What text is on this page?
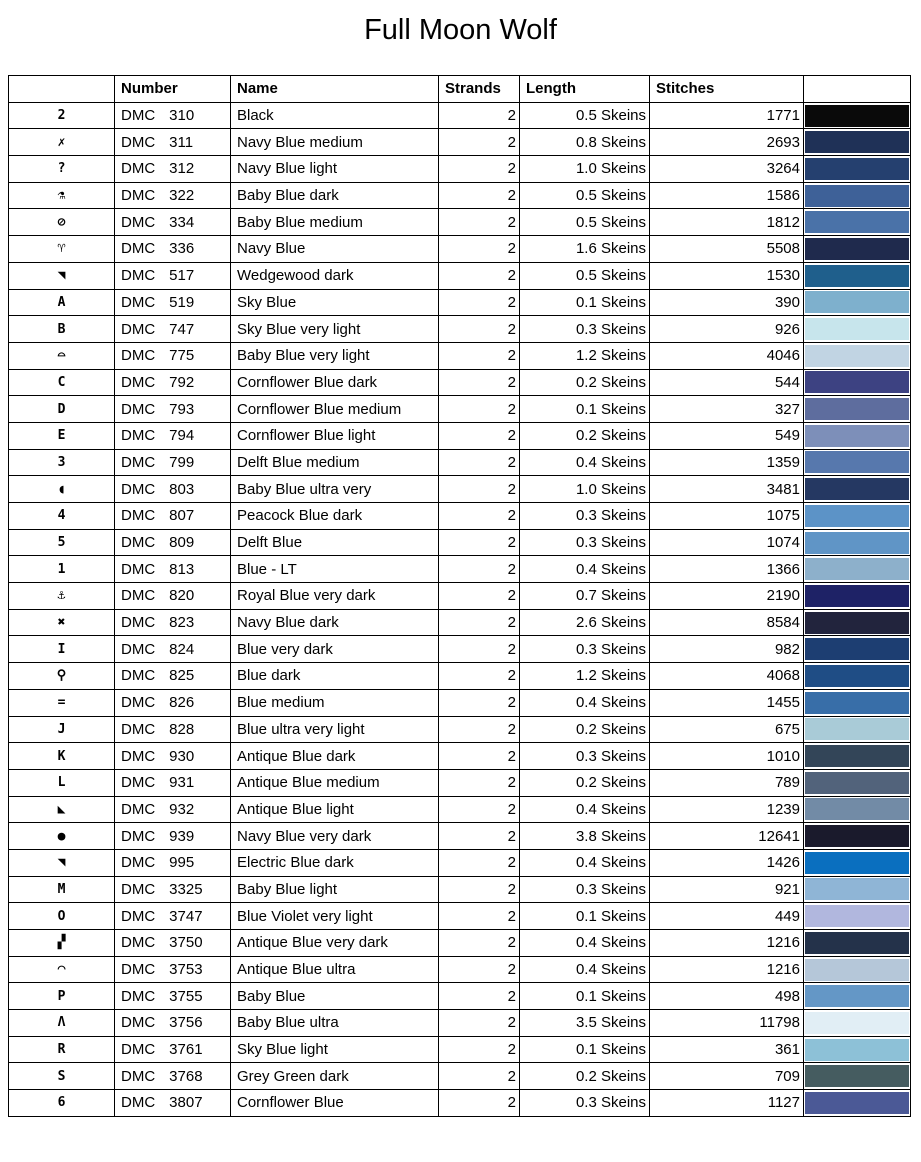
Full Moon Wolf
	Number	Name	Strands	Length	Stitches	
2	DMC 310	Black	2	0.5 Skeins	1771	

✗	DMC 311	Navy Blue medium	2	0.8 Skeins	2693	

?	DMC 312	Navy Blue light	2	1.0 Skeins	3264	

⚗	DMC 322	Baby Blue dark	2	0.5 Skeins	1586	

⊘	DMC 334	Baby Blue medium	2	0.5 Skeins	1812	

♈	DMC 336	Navy Blue	2	1.6 Skeins	5508	

◥	DMC 517	Wedgewood dark	2	0.5 Skeins	1530	

A	DMC 519	Sky Blue	2	0.1 Skeins	390	

B	DMC 747	Sky Blue very light	2	0.3 Skeins	926	

⌓	DMC 775	Baby Blue very light	2	1.2 Skeins	4046	

C	DMC 792	Cornflower Blue dark	2	0.2 Skeins	544	

D	DMC 793	Cornflower Blue medium	2	0.1 Skeins	327	

E	DMC 794	Cornflower Blue light	2	0.2 Skeins	549	

3	DMC 799	Delft Blue medium	2	0.4 Skeins	1359	

◖	DMC 803	Baby Blue ultra very	2	1.0 Skeins	3481	

4	DMC 807	Peacock Blue dark	2	0.3 Skeins	1075	

5	DMC 809	Delft Blue	2	0.3 Skeins	1074	

1	DMC 813	Blue - LT	2	0.4 Skeins	1366	

⚓	DMC 820	Royal Blue very dark	2	0.7 Skeins	2190	

✖	DMC 823	Navy Blue dark	2	2.6 Skeins	8584	

I	DMC 824	Blue very dark	2	0.3 Skeins	982	

⚲	DMC 825	Blue dark	2	1.2 Skeins	4068	

=	DMC 826	Blue medium	2	0.4 Skeins	1455	

J	DMC 828	Blue ultra very light	2	0.2 Skeins	675	

K	DMC 930	Antique Blue dark	2	0.3 Skeins	1010	

L	DMC 931	Antique Blue medium	2	0.2 Skeins	789	

◣	DMC 932	Antique Blue light	2	0.4 Skeins	1239	

●	DMC 939	Navy Blue very dark	2	3.8 Skeins	12641	

◥	DMC 995	Electric Blue dark	2	0.4 Skeins	1426	

M	DMC 3325	Baby Blue light	2	0.3 Skeins	921	

O	DMC 3747	Blue Violet very light	2	0.1 Skeins	449	

▞	DMC 3750	Antique Blue very dark	2	0.4 Skeins	1216	

◠	DMC 3753	Antique Blue ultra	2	0.4 Skeins	1216	

P	DMC 3755	Baby Blue	2	0.1 Skeins	498	

Λ	DMC 3756	Baby Blue ultra	2	3.5 Skeins	11798	

R	DMC 3761	Sky Blue light	2	0.1 Skeins	361	

S	DMC 3768	Grey Green dark	2	0.2 Skeins	709	

6	DMC 3807	Cornflower Blue	2	0.3 Skeins	1127	
